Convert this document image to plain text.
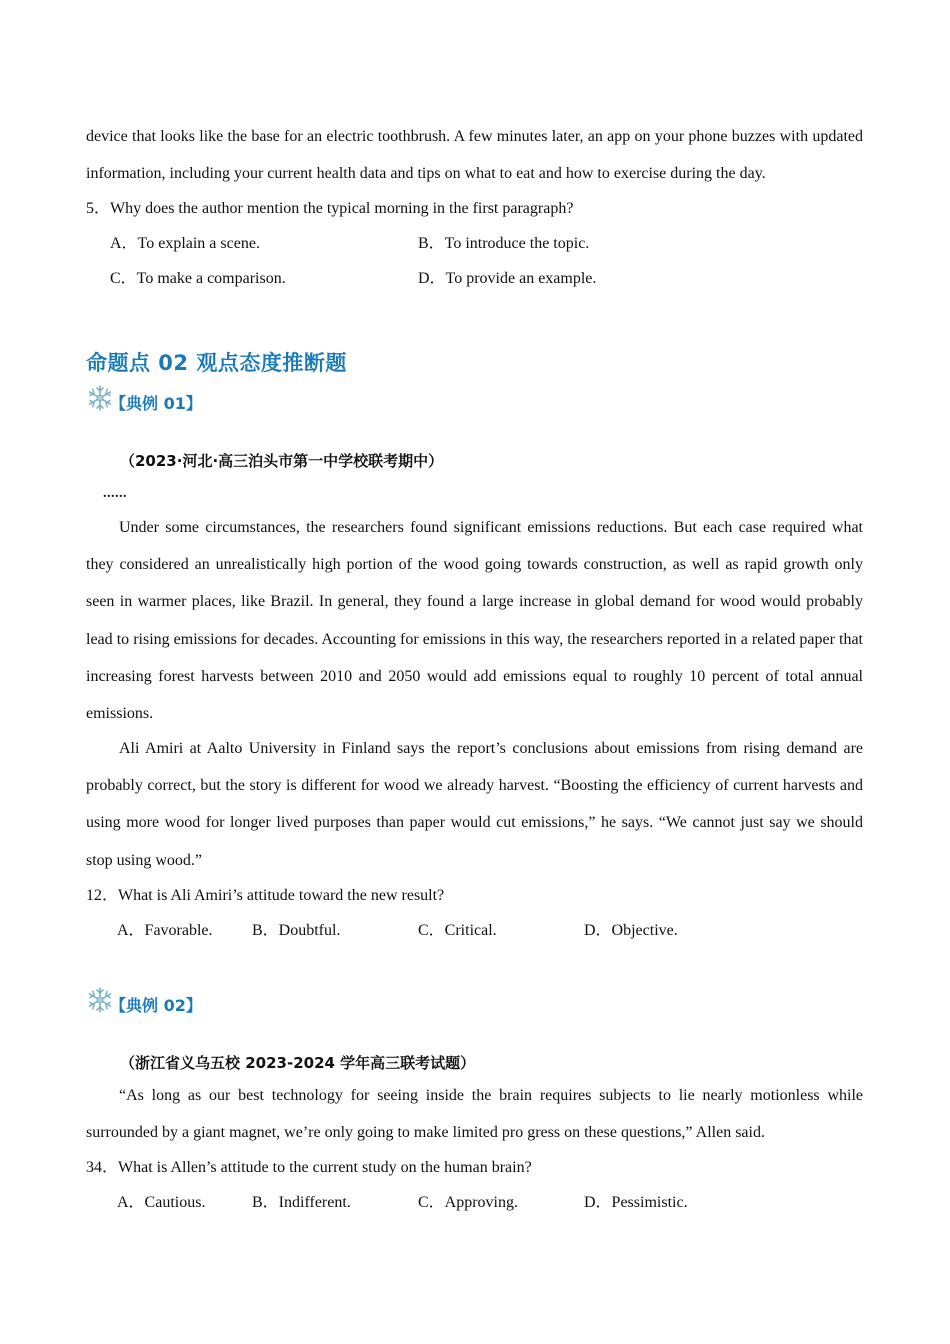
device that looks like the base for an electric toothbrush. A few minutes later, an app on your phone buzzes with updated information, including your current health data and tips on what to eat and how to exercise during the day.

5．Why does the author mention the typical morning in the first paragraph?
A．To explain a scene.	B．To introduce the topic.
C．To make a comparison.	D．To provide an example.
命题点 02 观点态度推断题
【典例 01】
（2023·河北·高三泊头市第一中学校联考期中）
......

Under some circumstances, the researchers found significant emissions reductions. But each case required what they considered an unrealistically high portion of the wood going towards construction, as well as rapid growth only seen in warmer places, like Brazil. In general, they found a large increase in global demand for wood would probably lead to rising emissions for decades. Accounting for emissions in this way, the researchers reported in a related paper that increasing forest harvests between 2010 and 2050 would add emissions equal to roughly 10 percent of total annual emissions.

Ali Amiri at Aalto University in Finland says the report’s conclusions about emissions from rising demand are probably correct, but the story is different for wood we already harvest. “Boosting the efficiency of current harvests and using more wood for longer lived purposes than paper would cut emissions,” he says. “We cannot just say we should stop using wood.”

12．What is Ali Amiri’s attitude toward the new result?
A．Favorable. B．Doubtful.	C．Critical.	D．Objective.
【典例 02】
（浙江省义乌五校 2023-2024 学年高三联考试题）

“As long as our best technology for seeing inside the brain requires subjects to lie nearly motionless while surrounded by a giant magnet, we’re only going to make limited pro gress on these questions,” Allen said.

34．What is Allen’s attitude to the current study on the human brain?
A．Cautious.	B．Indifferent.	C．Approving.	D．Pessimistic.
